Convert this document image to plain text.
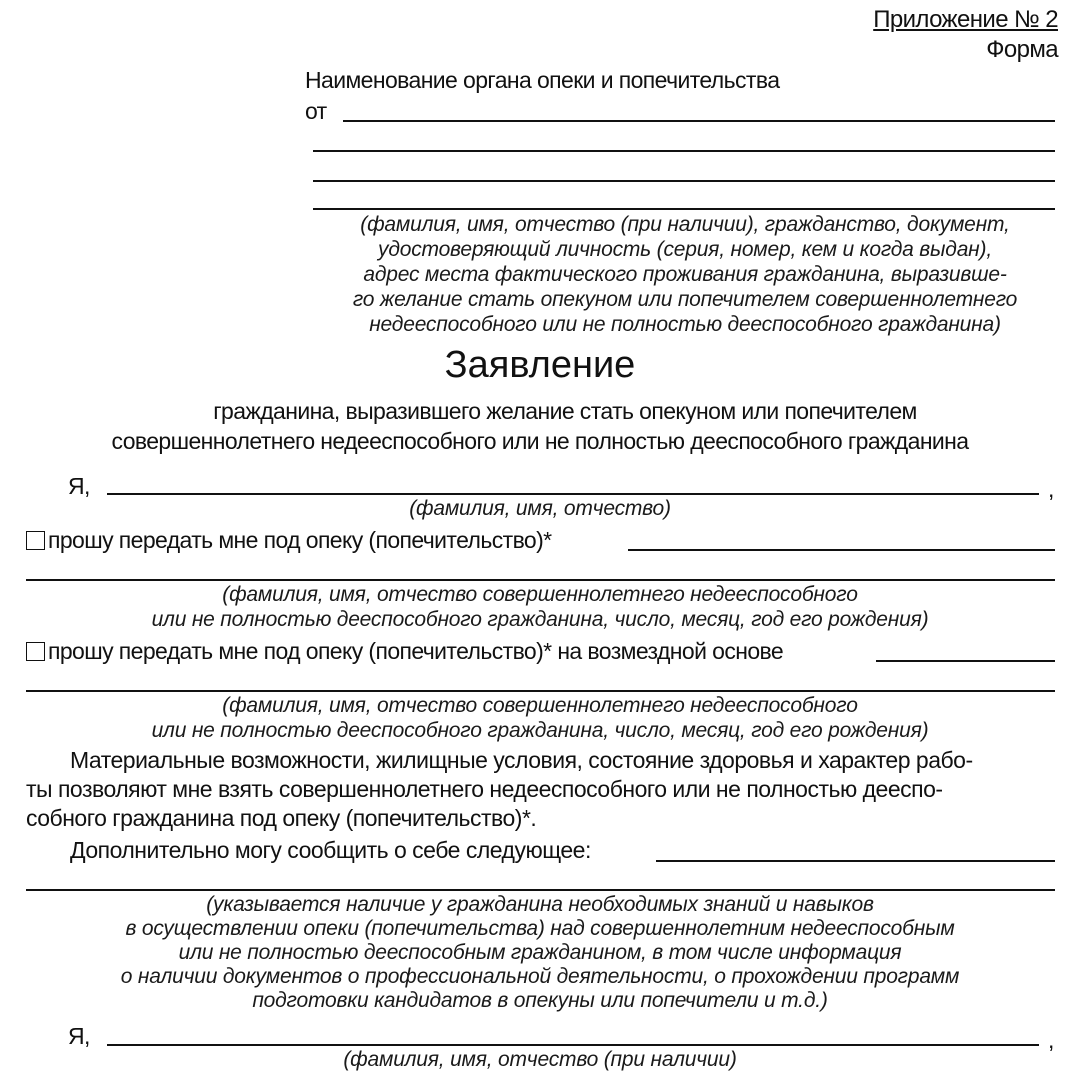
Приложение № 2
Форма
Наименование органа опеки и попечительства
от
(фамилия, имя, отчество (при наличии), гражданство, документ,
удостоверяющий личность (серия, номер, кем и когда выдан),
адрес места фактического проживания гражданина, выразивше-
го желание стать опекуном или попечителем совершеннолетнего
недееспособного или не полностью дееспособного гражданина)
Заявление
гражданина, выразившего желание стать опекуном или попечителем
совершеннолетнего недееспособного или не полностью дееспособного гражданина
Я,	,
(фамилия, имя, отчество)
прошу передать мне под опеку (попечительство)*
(фамилия, имя, отчество совершеннолетнего недееспособного
или не полностью дееспособного гражданина, число, месяц, год его рождения)
прошу передать мне под опеку (попечительство)* на возмездной основе
(фамилия, имя, отчество совершеннолетнего недееспособного
или не полностью дееспособного гражданина, число, месяц, год его рождения)
Материальные возможности, жилищные условия, состояние здоровья и характер рабо-
ты позволяют мне взять совершеннолетнего недееспособного или не полностью дееспо-
собного гражданина под опеку (попечительство)*.
Дополнительно могу сообщить о себе следующее:
(указывается наличие у гражданина необходимых знаний и навыков
в осуществлении опеки (попечительства) над совершеннолетним недееспособным
или не полностью дееспособным гражданином, в том числе информация
о наличии документов о профессиональной деятельности, о прохождении программ
подготовки кандидатов в опекуны или попечители и т.д.)
Я,	,
(фамилия, имя, отчество (при наличии)
